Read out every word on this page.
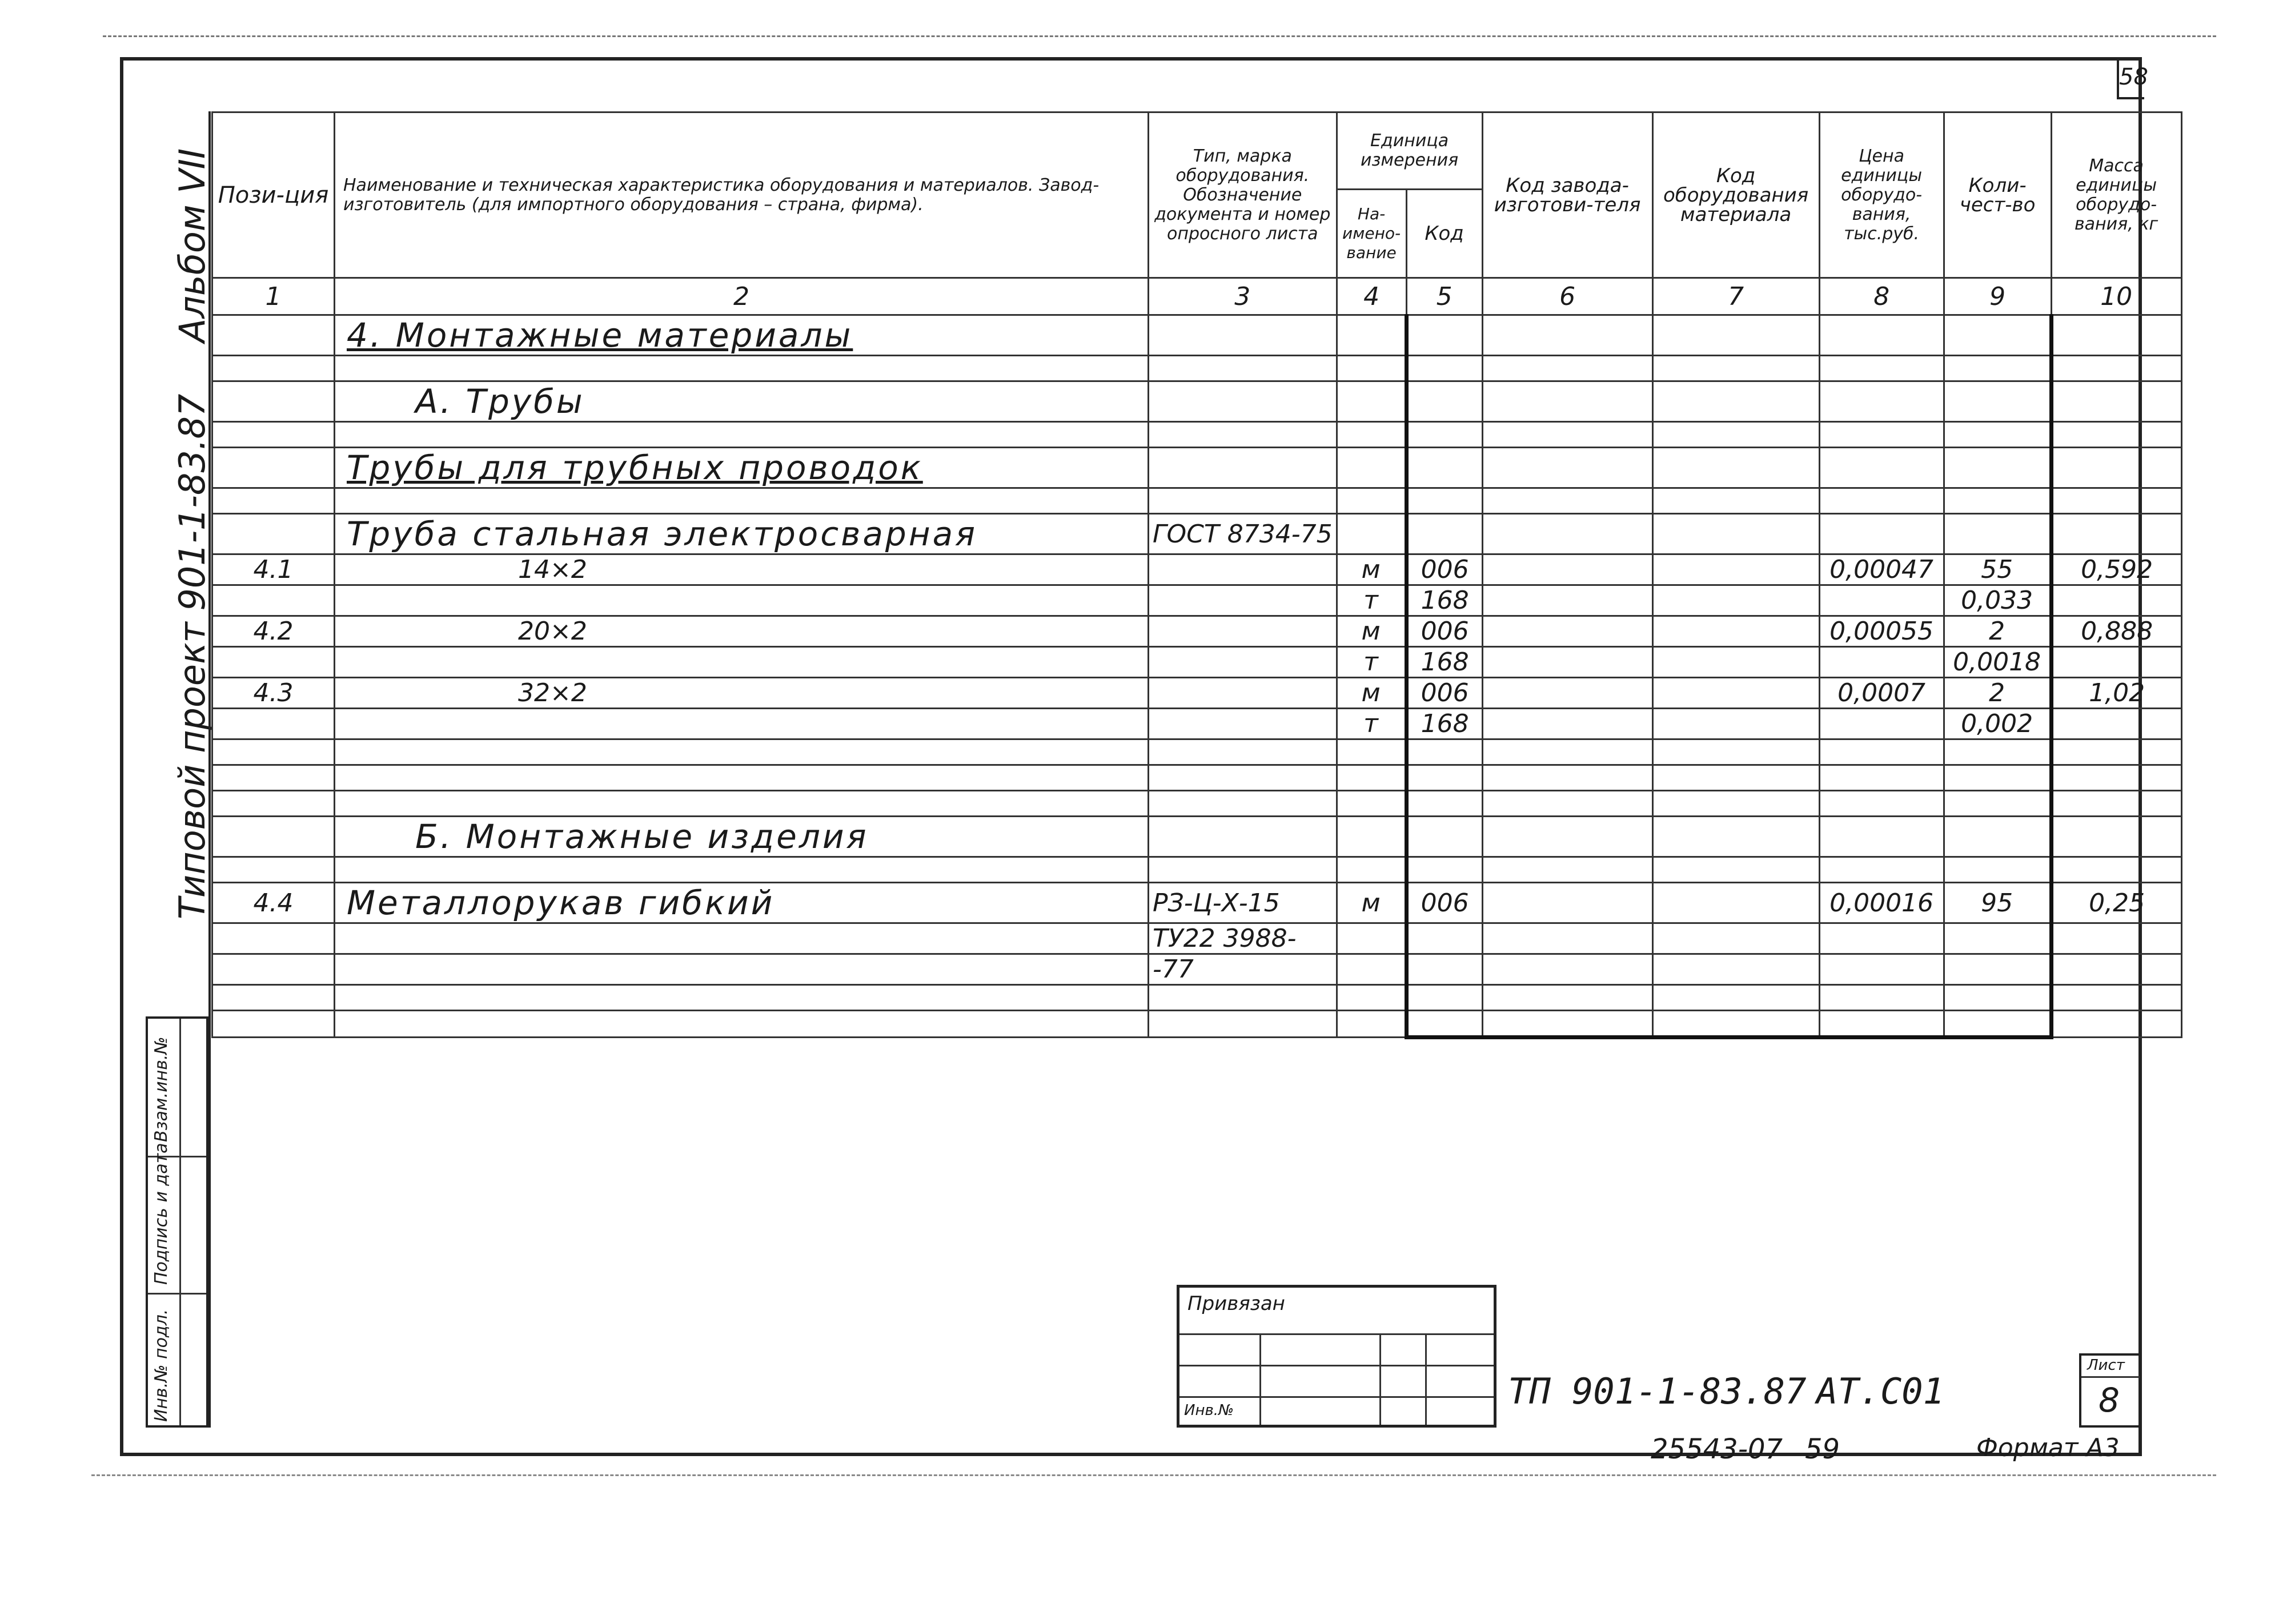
58
Альбом VII
Типовой проект 901-1-83.87
Взам.инв.№
Подпись и дата
Инв.№ подл.
Пози-ция	Наименование и техническая характеристика оборудования и материалов. Завод-изготовитель (для импортного оборудования – страна, фирма).	Тип, марка оборудования. Обозначение документа и номер опросного листа	Единица измерения		Код завода-изготови-теля	Код оборудования материала	Цена единицы оборудо-вания, тыс.руб.	Коли-чест-во	Масса единицы оборудо-вания, кг
			На-имено-вание	Код					
1	2	3	4	5	6	7	8	9	10
	4. Монтажные материалы								

	А. Трубы								

	Трубы для трубных проводок								

	Труба стальная электросварная	ГОСТ 8734-75							
4.1	14×2		м	006			0,00047	55	0,592
			т	168				0,033	
4.2	20×2		м	006			0,00055	2	0,888
			т	168				0,0018	
4.3	32×2		м	006			0,0007	2	1,02
			т	168				0,002	

	Б. Монтажные изделия								

4.4	Металлорукав гибкий	РЗ-Ц-Х-15	м	006			0,00016	95	0,25
		ТУ22 3988-							
		-77							

Привязан
Инв.№	ТП 901-1-83.87 АТ.С01
Лист
8
25543-07 59	Формат А3
